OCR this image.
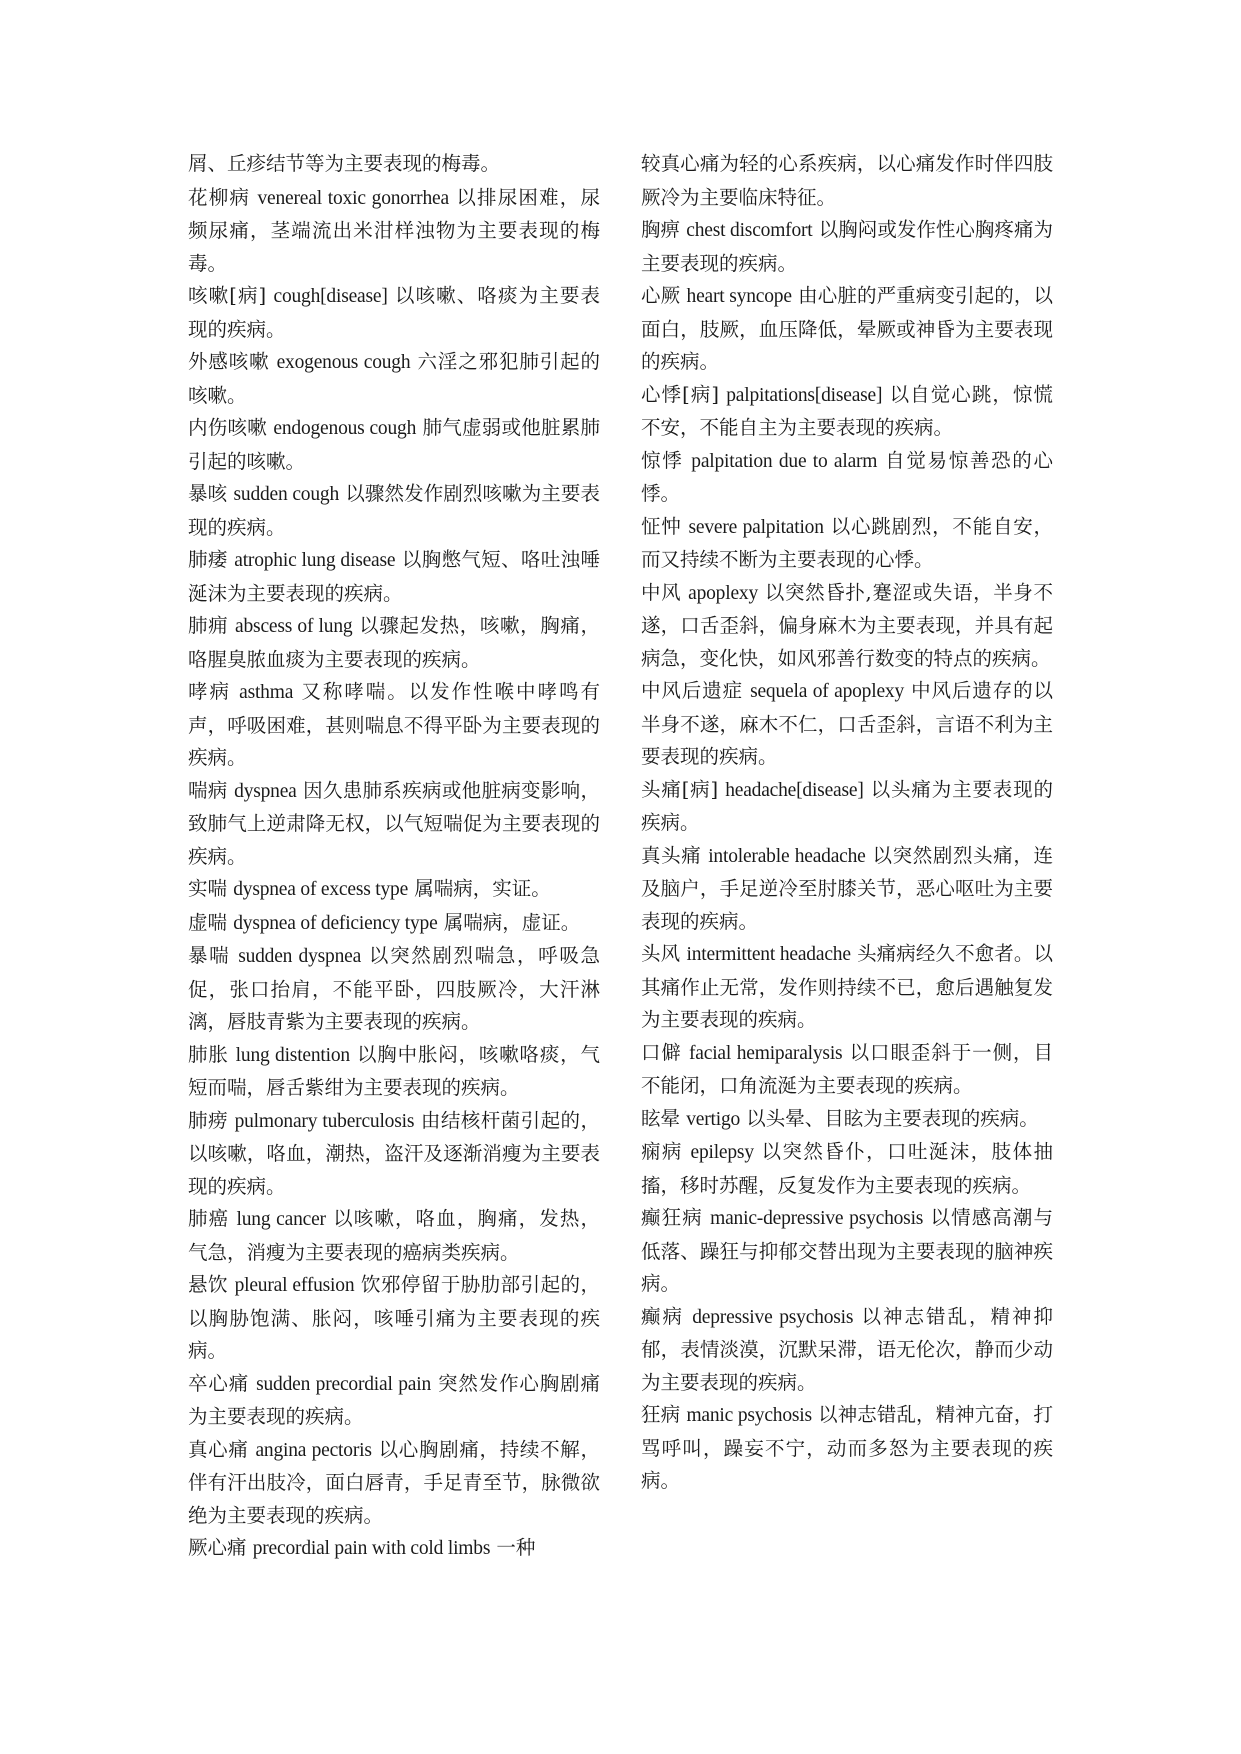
屑、丘疹结节等为主要表现的梅毒。

花柳病 venereal toxic gonorrhea 以排尿困难，尿频尿痛，茎端流出米泔样浊物为主要表现的梅毒。

咳嗽[病] cough[disease] 以咳嗽、咯痰为主要表现的疾病。

外感咳嗽 exogenous cough 六淫之邪犯肺引起的咳嗽。

内伤咳嗽 endogenous cough 肺气虚弱或他脏累肺引起的咳嗽。

暴咳 sudden cough 以骤然发作剧烈咳嗽为主要表现的疾病。

肺痿 atrophic lung disease 以胸憋气短、咯吐浊唾涎沫为主要表现的疾病。

肺痈 abscess of lung 以骤起发热，咳嗽，胸痛，咯腥臭脓血痰为主要表现的疾病。

哮病 asthma 又称哮喘。以发作性喉中哮鸣有声，呼吸困难，甚则喘息不得平卧为主要表现的疾病。

喘病 dyspnea 因久患肺系疾病或他脏病变影响，致肺气上逆肃降无权，以气短喘促为主要表现的疾病。

实喘 dyspnea of excess type 属喘病，实证。

虚喘 dyspnea of deficiency type 属喘病，虚证。

暴喘 sudden dyspnea 以突然剧烈喘急，呼吸急促，张口抬肩，不能平卧，四肢厥冷，大汗淋漓，唇肢青紫为主要表现的疾病。

肺胀 lung distention 以胸中胀闷，咳嗽咯痰，气短而喘，唇舌紫绀为主要表现的疾病。

肺痨 pulmonary tuberculosis 由结核杆菌引起的，以咳嗽，咯血，潮热，盗汗及逐渐消瘦为主要表现的疾病。

肺癌 lung cancer 以咳嗽，咯血，胸痛，发热，气急，消瘦为主要表现的癌病类疾病。

悬饮 pleural effusion 饮邪停留于胁肋部引起的，以胸胁饱满、胀闷，咳唾引痛为主要表现的疾病。

卒心痛 sudden precordial pain 突然发作心胸剧痛为主要表现的疾病。

真心痛 angina pectoris 以心胸剧痛，持续不解，伴有汗出肢冷，面白唇青，手足青至节，脉微欲绝为主要表现的疾病。

厥心痛 precordial pain with cold limbs 一种

较真心痛为轻的心系疾病，以心痛发作时伴四肢厥冷为主要临床特征。

胸痹 chest discomfort 以胸闷或发作性心胸疼痛为主要表现的疾病。

心厥 heart syncope 由心脏的严重病变引起的，以面白，肢厥，血压降低，晕厥或神昏为主要表现的疾病。

心悸[病] palpitations[disease] 以自觉心跳，惊慌不安，不能自主为主要表现的疾病。

惊悸 palpitation due to alarm 自觉易惊善恐的心悸。

怔忡 severe palpitation 以心跳剧烈，不能自安，而又持续不断为主要表现的心悸。

中风 apoplexy 以突然昏扑,蹇涩或失语，半身不遂，口舌歪斜，偏身麻木为主要表现，并具有起病急，变化快，如风邪善行数变的特点的疾病。

中风后遗症 sequela of apoplexy 中风后遗存的以半身不遂，麻木不仁，口舌歪斜，言语不利为主要表现的疾病。

头痛[病] headache[disease] 以头痛为主要表现的疾病。

真头痛 intolerable headache 以突然剧烈头痛，连及脑户，手足逆冷至肘膝关节，恶心呕吐为主要表现的疾病。

头风 intermittent headache 头痛病经久不愈者。以其痛作止无常，发作则持续不已，愈后遇触复发为主要表现的疾病。

口僻 facial hemiparalysis 以口眼歪斜于一侧，目不能闭，口角流涎为主要表现的疾病。

眩晕 vertigo 以头晕、目眩为主要表现的疾病。

痫病 epilepsy 以突然昏仆，口吐涎沫，肢体抽搐，移时苏醒，反复发作为主要表现的疾病。

癫狂病 manic-depressive psychosis 以情感高潮与低落、躁狂与抑郁交替出现为主要表现的脑神疾病。

癫病 depressive psychosis 以神志错乱，精神抑郁，表情淡漠，沉默呆滞，语无伦次，静而少动为主要表现的疾病。

狂病 manic psychosis 以神志错乱，精神亢奋，打骂呼叫，躁妄不宁，动而多怒为主要表现的疾病。
